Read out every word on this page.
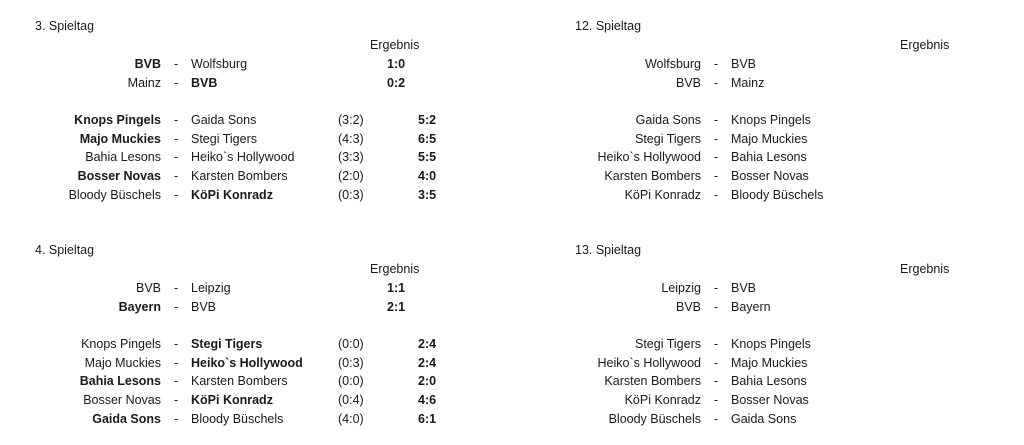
3. Spieltag
Ergebnis
BVB - Wolfsburg	1:0
Mainz - BVB	0:2
Knops Pingels - Gaida Sons	(3:2)	5:2
Majo Muckies - Stegi Tigers	(4:3)	6:5
Bahia Lesons - Heiko`s Hollywood	(3:3)	5:5
Bosser Novas - Karsten Bombers	(2:0)	4:0
Bloody Büschels - KöPi Konradz	(0:3)	3:5
12. Spieltag
Ergebnis
Wolfsburg - BVB
BVB - Mainz
Gaida Sons - Knops Pingels
Stegi Tigers - Majo Muckies
Heiko`s Hollywood - Bahia Lesons
Karsten Bombers - Bosser Novas
KöPi Konradz - Bloody Büschels
4. Spieltag
Ergebnis
BVB - Leipzig	1:1
Bayern - BVB	2:1
Knops Pingels - Stegi Tigers	(0:0)	2:4
Majo Muckies - Heiko`s Hollywood	(0:3)	2:4
Bahia Lesons - Karsten Bombers	(0:0)	2:0
Bosser Novas - KöPi Konradz	(0:4)	4:6
Gaida Sons - Bloody Büschels	(4:0)	6:1
13. Spieltag
Ergebnis
Leipzig - BVB
BVB - Bayern
Stegi Tigers - Knops Pingels
Heiko`s Hollywood - Majo Muckies
Karsten Bombers - Bahia Lesons
KöPi Konradz - Bosser Novas
Bloody Büschels - Gaida Sons
